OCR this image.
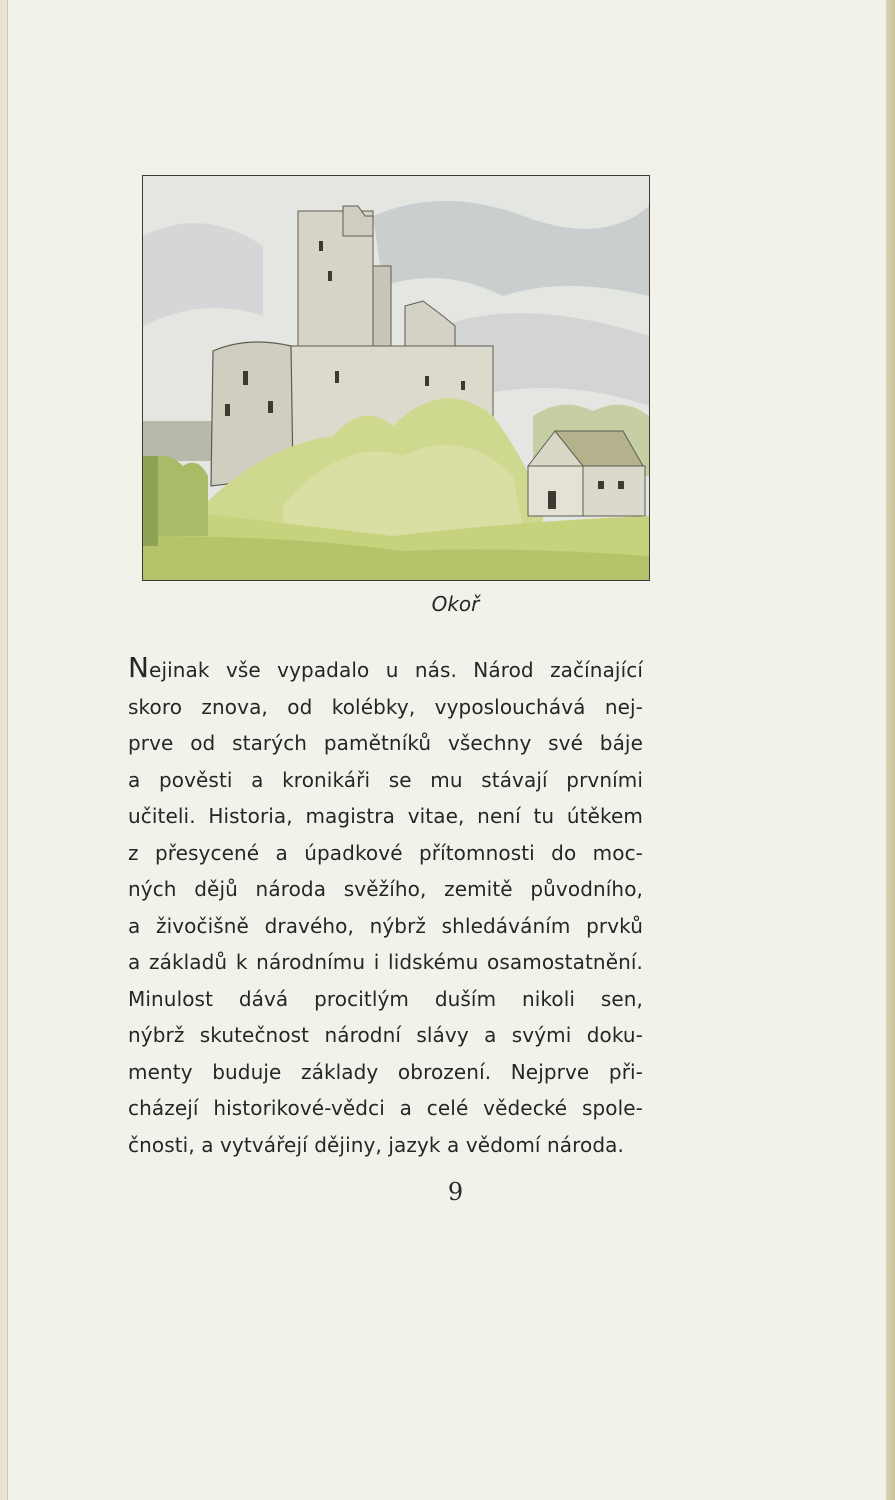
Okoř
Nejinak vše vypadalo u nás. Národ začínající
skoro znova, od kolébky, vyposlouchává nej-
prve od starých pamětníků všechny své báje
a pověsti a kronikáři se mu stávají prvními
učiteli. Historia, magistra vitae, není tu útěkem
z přesycené a úpadkové přítomnosti do moc-
ných dějů národa svěžího, zemitě původního,
a živočišně dravého, nýbrž shledáváním prvků
a základů k národnímu i lidskému osamostatnění.
Minulost dává procitlým duším nikoli sen,
nýbrž skutečnost národní slávy a svými doku-
menty buduje základy obrození. Nejprve při-
cházejí historikové-vědci a celé vědecké spole-
čnosti, a vytvářejí dějiny, jazyk a vědomí národa.
9
